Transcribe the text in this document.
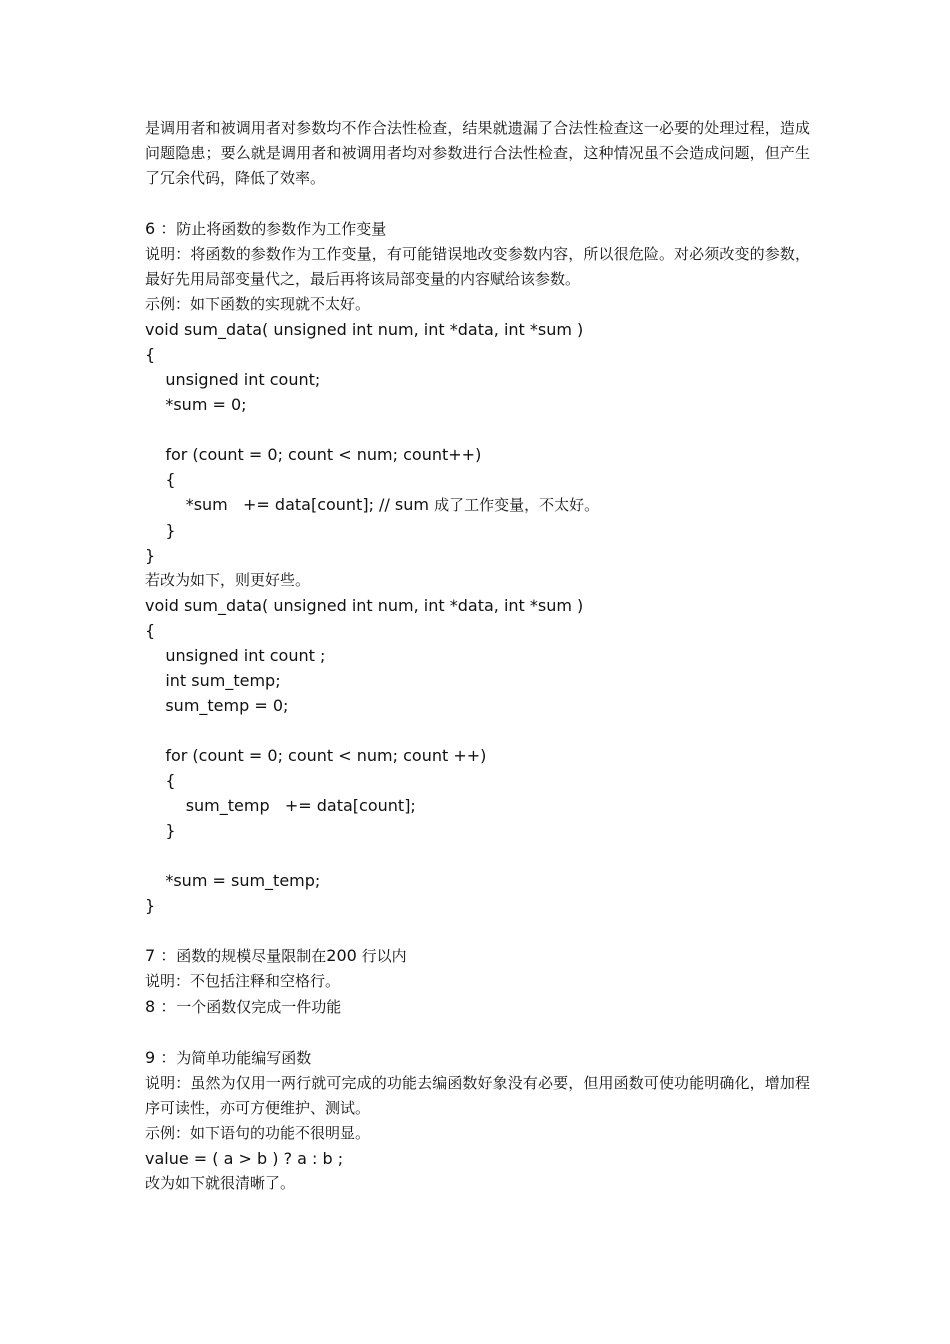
是调用者和被调用者对参数均不作合法性检查，结果就遗漏了合法性检查这一必要的处理过程，造成问题隐患；要么就是调用者和被调用者均对参数进行合法性检查，这种情况虽不会造成问题，但产生了冗余代码，降低了效率。

6 ：防止将函数的参数作为工作变量

说明：将函数的参数作为工作变量，有可能错误地改变参数内容，所以很危险。对必须改变的参数，最好先用局部变量代之，最后再将该局部变量的内容赋给该参数。

示例：如下函数的实现就不太好。

void sum_data( unsigned int num, int *data, int *sum )
{
unsigned int count;
*sum = 0;
for (count = 0; count < num; count++)
{
*sum   += data[count]; // sum 成了工作变量，不太好。
}
}

若改为如下，则更好些。

void sum_data( unsigned int num, int *data, int *sum )
{
unsigned int count ;
int sum_temp;
sum_temp = 0;
for (count = 0; count < num; count ++)
{
sum_temp   += data[count];
}
*sum = sum_temp;
}

7 ：函数的规模尽量限制在200 行以内

说明：不包括注释和空格行。

8 ：一个函数仅完成一件功能

9 ：为简单功能编写函数

说明：虽然为仅用一两行就可完成的功能去编函数好象没有必要，但用函数可使功能明确化，增加程序可读性，亦可方便维护、测试。

示例：如下语句的功能不很明显。

value = ( a > b ) ? a : b ;

改为如下就很清晰了。
